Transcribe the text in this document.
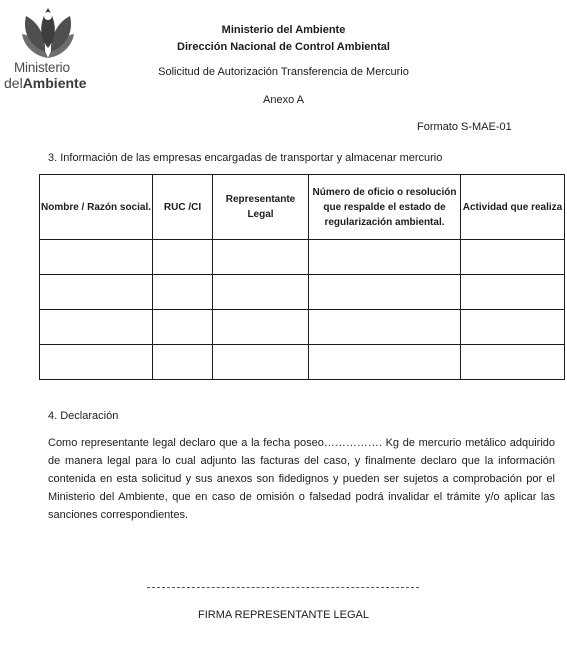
Ministerio
delAmbiente
Ministerio del Ambiente
Dirección Nacional de Control Ambiental
Solicitud de Autorización Transferencia de Mercurio
Anexo A
Formato S-MAE-01
3. Información de las empresas encargadas de transportar y almacenar mercurio
Nombre / Razón social.	RUC /CI	Representante Legal	Número de oficio o resolución que respalde el estado de regularización ambiental.	Actividad que realiza

4. Declaración
Como representante legal declaro que a la fecha poseo……………. Kg de mercurio metálico adquirido de manera legal para lo cual adjunto las facturas del caso, y finalmente declaro que la información contenida en esta solicitud y sus anexos son fidedignos y pueden ser sujetos a comprobación por el Ministerio del Ambiente, que en caso de omisión o falsedad podrá invalidar el trámite y/o aplicar las sanciones correspondientes.
FIRMA REPRESENTANTE LEGAL
